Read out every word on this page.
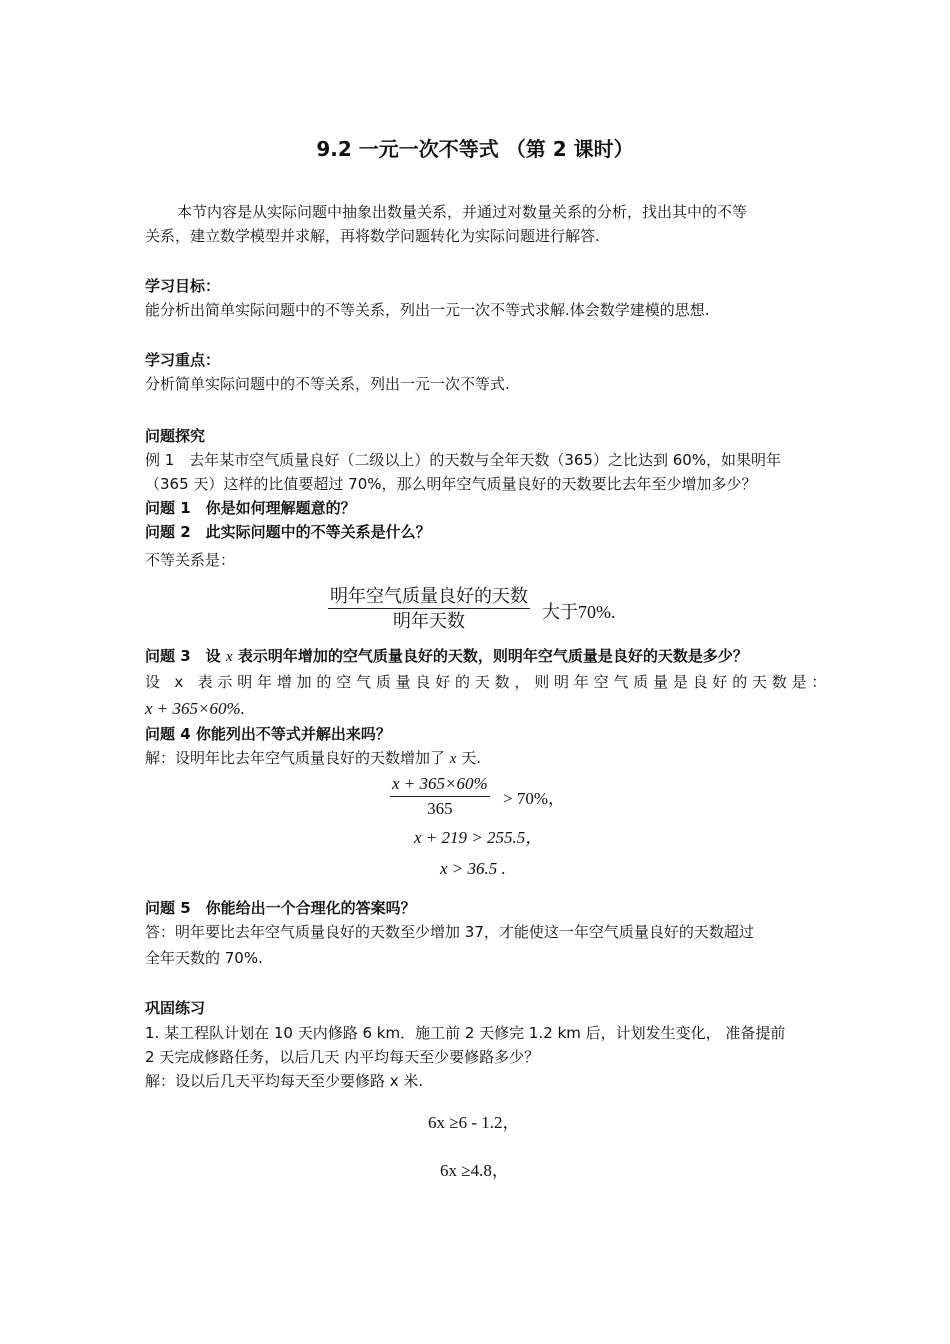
9.2 一元一次不等式 （第 2 课时）
本节内容是从实际问题中抽象出数量关系，并通过对数量关系的分析，找出其中的不等
关系，建立数学模型并求解，再将数学问题转化为实际问题进行解答.
学习目标：
能分析出简单实际问题中的不等关系，列出一元一次不等式求解.体会数学建模的思想.
学习重点：
分析简单实际问题中的不等关系，列出一元一次不等式.
问题探究
例 1　去年某市空气质量良好（二级以上）的天数与全年天数（365）之比达到 60%，如果明年
（365 天）这样的比值要超过 70%，那么明年空气质量良好的天数要比去年至少增加多少？
问题 1　你是如何理解题意的？
问题 2　此实际问题中的不等关系是什么？
不等关系是：
明年空气质量良好的天数
明年天数	大于70%.
问题 3　设 x 表示明年增加的空气质量良好的天数，则明年空气质量是良好的天数是多少？
设 x 表示明年增加的空气质量良好的天数，则明年空气质量是良好的天数是：
x + 365×60%.
问题 4 你能列出不等式并解出来吗？
解：设明年比去年空气质量良好的天数增加了 x 天.
x + 365×60%
365
> 70%，
x + 219 > 255.5，
x > 36.5 .
问题 5　你能给出一个合理化的答案吗？
答：明年要比去年空气质量良好的天数至少增加 37，才能使这一年空气质量良好的天数超过
全年天数的 70%.
巩固练习
1. 某工程队计划在 10 天内修路 6 km．施工前 2 天修完 1.2 km 后，计划发生变化， 准备提前
2 天完成修路任务，以后几天 内平均每天至少要修路多少？
解：设以后几天平均每天至少要修路 x 米.
6x ≥6 - 1.2，
6x ≥4.8，
